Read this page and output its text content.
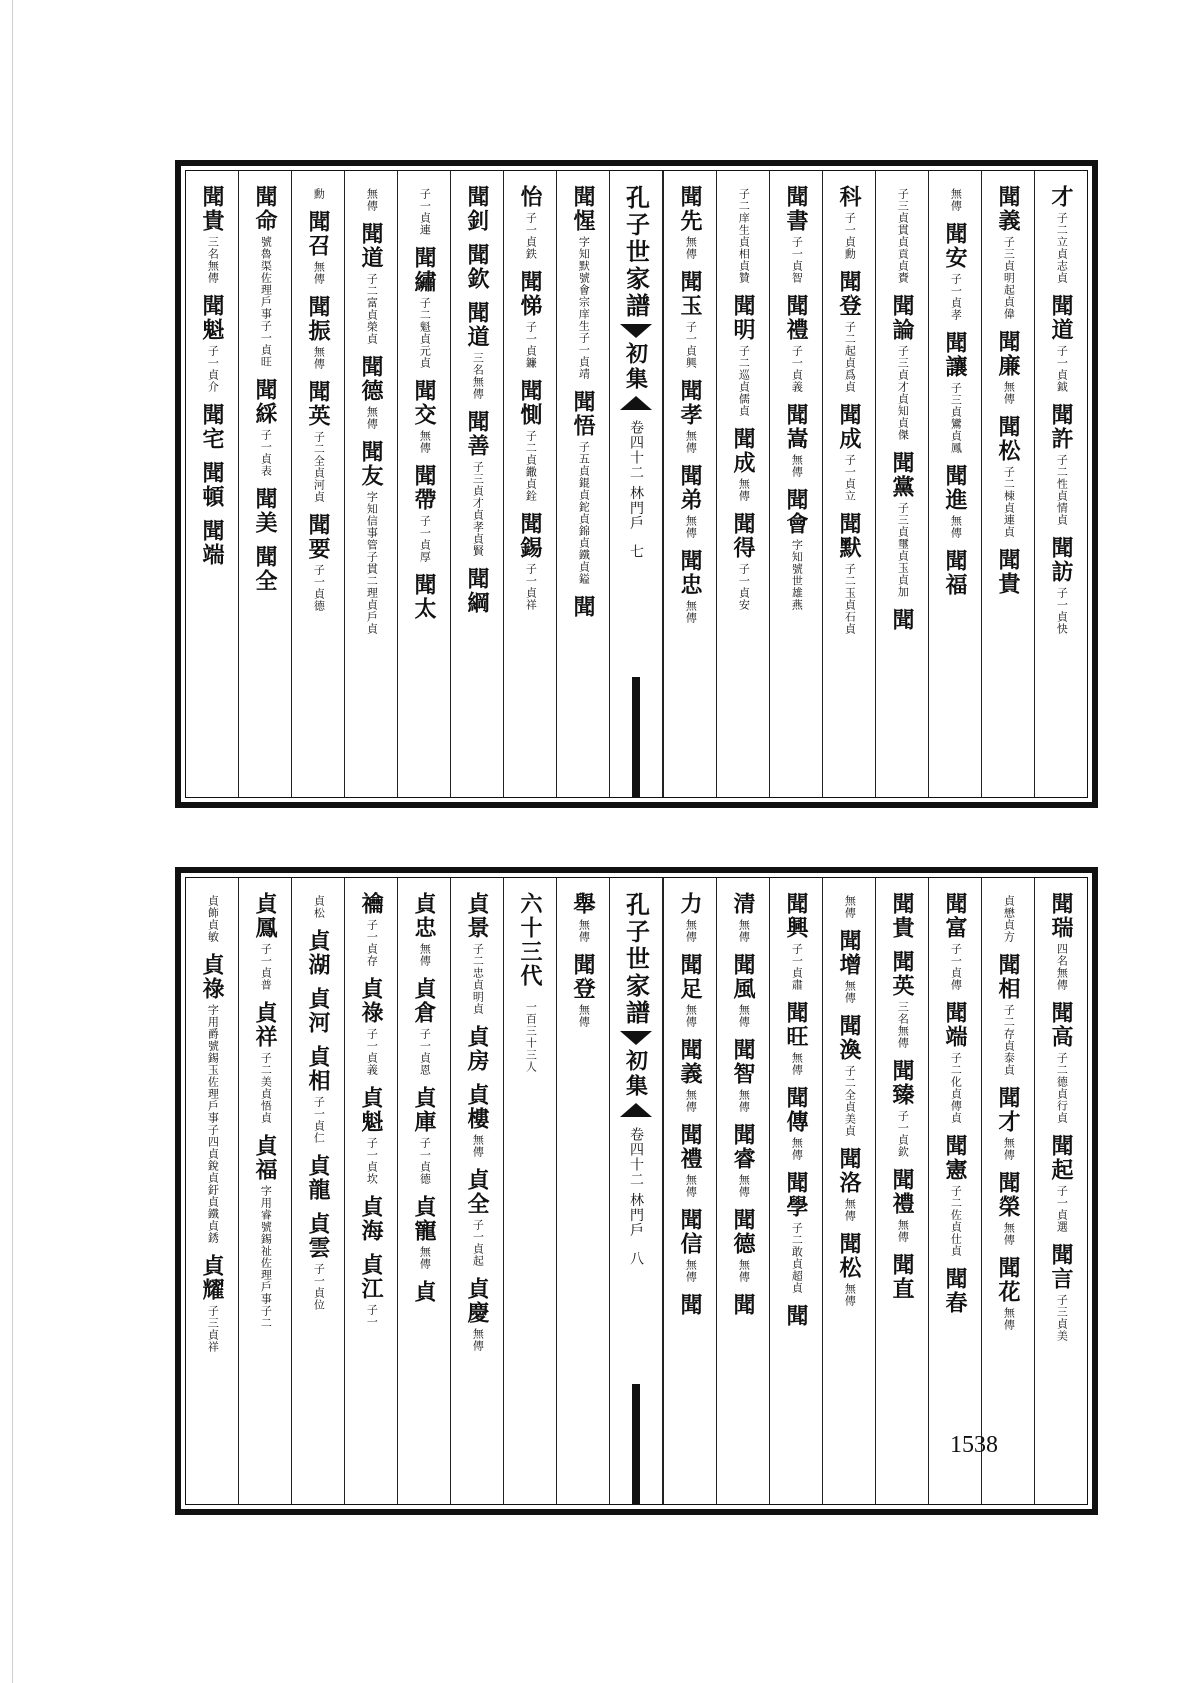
才
子二立貞志貞
聞道
子一貞鉞
聞許
子二性貞情貞
聞訪
子一貞快
聞義
子三貞明起貞偉
聞廉
無傳
聞松
子二棟貞連貞
聞貴
無傳
聞安
子一貞孝
聞讓
子三貞鸞貞鳳
聞進
無傳
聞福
子三貞貫貞貢貞賚
聞論
子三貞才貞知貞傑
聞黨
子三貞璽貞玉貞加
聞
科
子一貞勳
聞登
子二起貞爲貞
聞成
子一貞立
聞默
子二玉貞石貞
聞書
子一貞智
聞禮
子一貞義
聞嵩
無傳
聞會
字知號世雄燕
子二庠生貞相貞贊
聞明
子二巡貞儒貞
聞成
無傳
聞得
子一貞安
聞先
無傳
聞玉
子一貞興
聞孝
無傳
聞弟
無傳
聞忠
無傳
孔子世家譜
初集
卷四十二 林門戶
七
聞惺
字知默號會宗庠生子一貞靖
聞悟
子五貞錕貞鉈貞錦貞鐵貞鎰
聞
怡
子一貞鉄
聞悌
子一貞鐮
聞惻
子二貞鏾貞銓
聞錫
子一貞祥
聞釗
聞欽
聞道
三名無傳
聞善
子三貞才貞孝貞賢
聞綱
子一貞連
聞繡
子二魁貞元貞
聞交
無傳
聞帶
子一貞厚
聞太
無傳
聞道
子二富貞榮貞
聞德
無傳
聞友
字知信事管子貫二理貞戶貞
勳
聞召
無傳
聞振
無傳
聞英
子二全貞河貞
聞要
子一貞德
聞命
號魯渠佐理戶事子一貞旺
聞綵
子一貞表
聞美
聞全
聞貴
三名無傳
聞魁
子一貞介
聞宅
聞頓
聞端
聞瑞
四名無傳
聞高
子二德貞行貞
聞起
子一貞選
聞言
子三貞美
貞懋貞方
聞相
子二存貞泰貞
聞才
無傳
聞榮
無傳
聞花
無傳
聞富
子一貞傳
聞端
子二化貞傳貞
聞憲
子二佐貞仕貞
聞春
聞貴
聞英
三名無傳
聞臻
子一貞欽
聞禮
無傳
聞直
無傳
聞增
無傳
聞渙
子二全貞美貞
聞洛
無傳
聞松
無傳
聞興
子一貞肅
聞旺
無傳
聞傳
無傳
聞學
子二敢貞超貞
聞
清
無傳
聞風
無傳
聞智
無傳
聞睿
無傳
聞德
無傳
聞
力
無傳
聞足
無傳
聞義
無傳
聞禮
無傳
聞信
無傳
聞
孔子世家譜
初集
卷四十二 林門戶
八
舉
無傳
聞登
無傳
六十三代
一百三十三人
貞景
子二忠貞明貞
貞房
貞樓
無傳
貞全
子一貞起
貞慶
無傳
貞忠
無傳
貞倉
子一貞恩
貞庫
子一貞德
貞寵
無傳
貞
禴
子一貞存
貞祿
子一貞義
貞魁
子一貞坎
貞海
貞江
子一
貞松
貞湖
貞河
貞相
子一貞仁
貞龍
貞雲
子一貞位
貞鳳
子一貞普
貞祥
子二美貞悟貞
貞福
字用睿號錫祉佐理戶事子二
貞飾貞敏
貞祿
字用爵號錫玉佐理戶事子四貞銳貞釪貞鐵貞銹
貞耀
子三貞祥
1538
